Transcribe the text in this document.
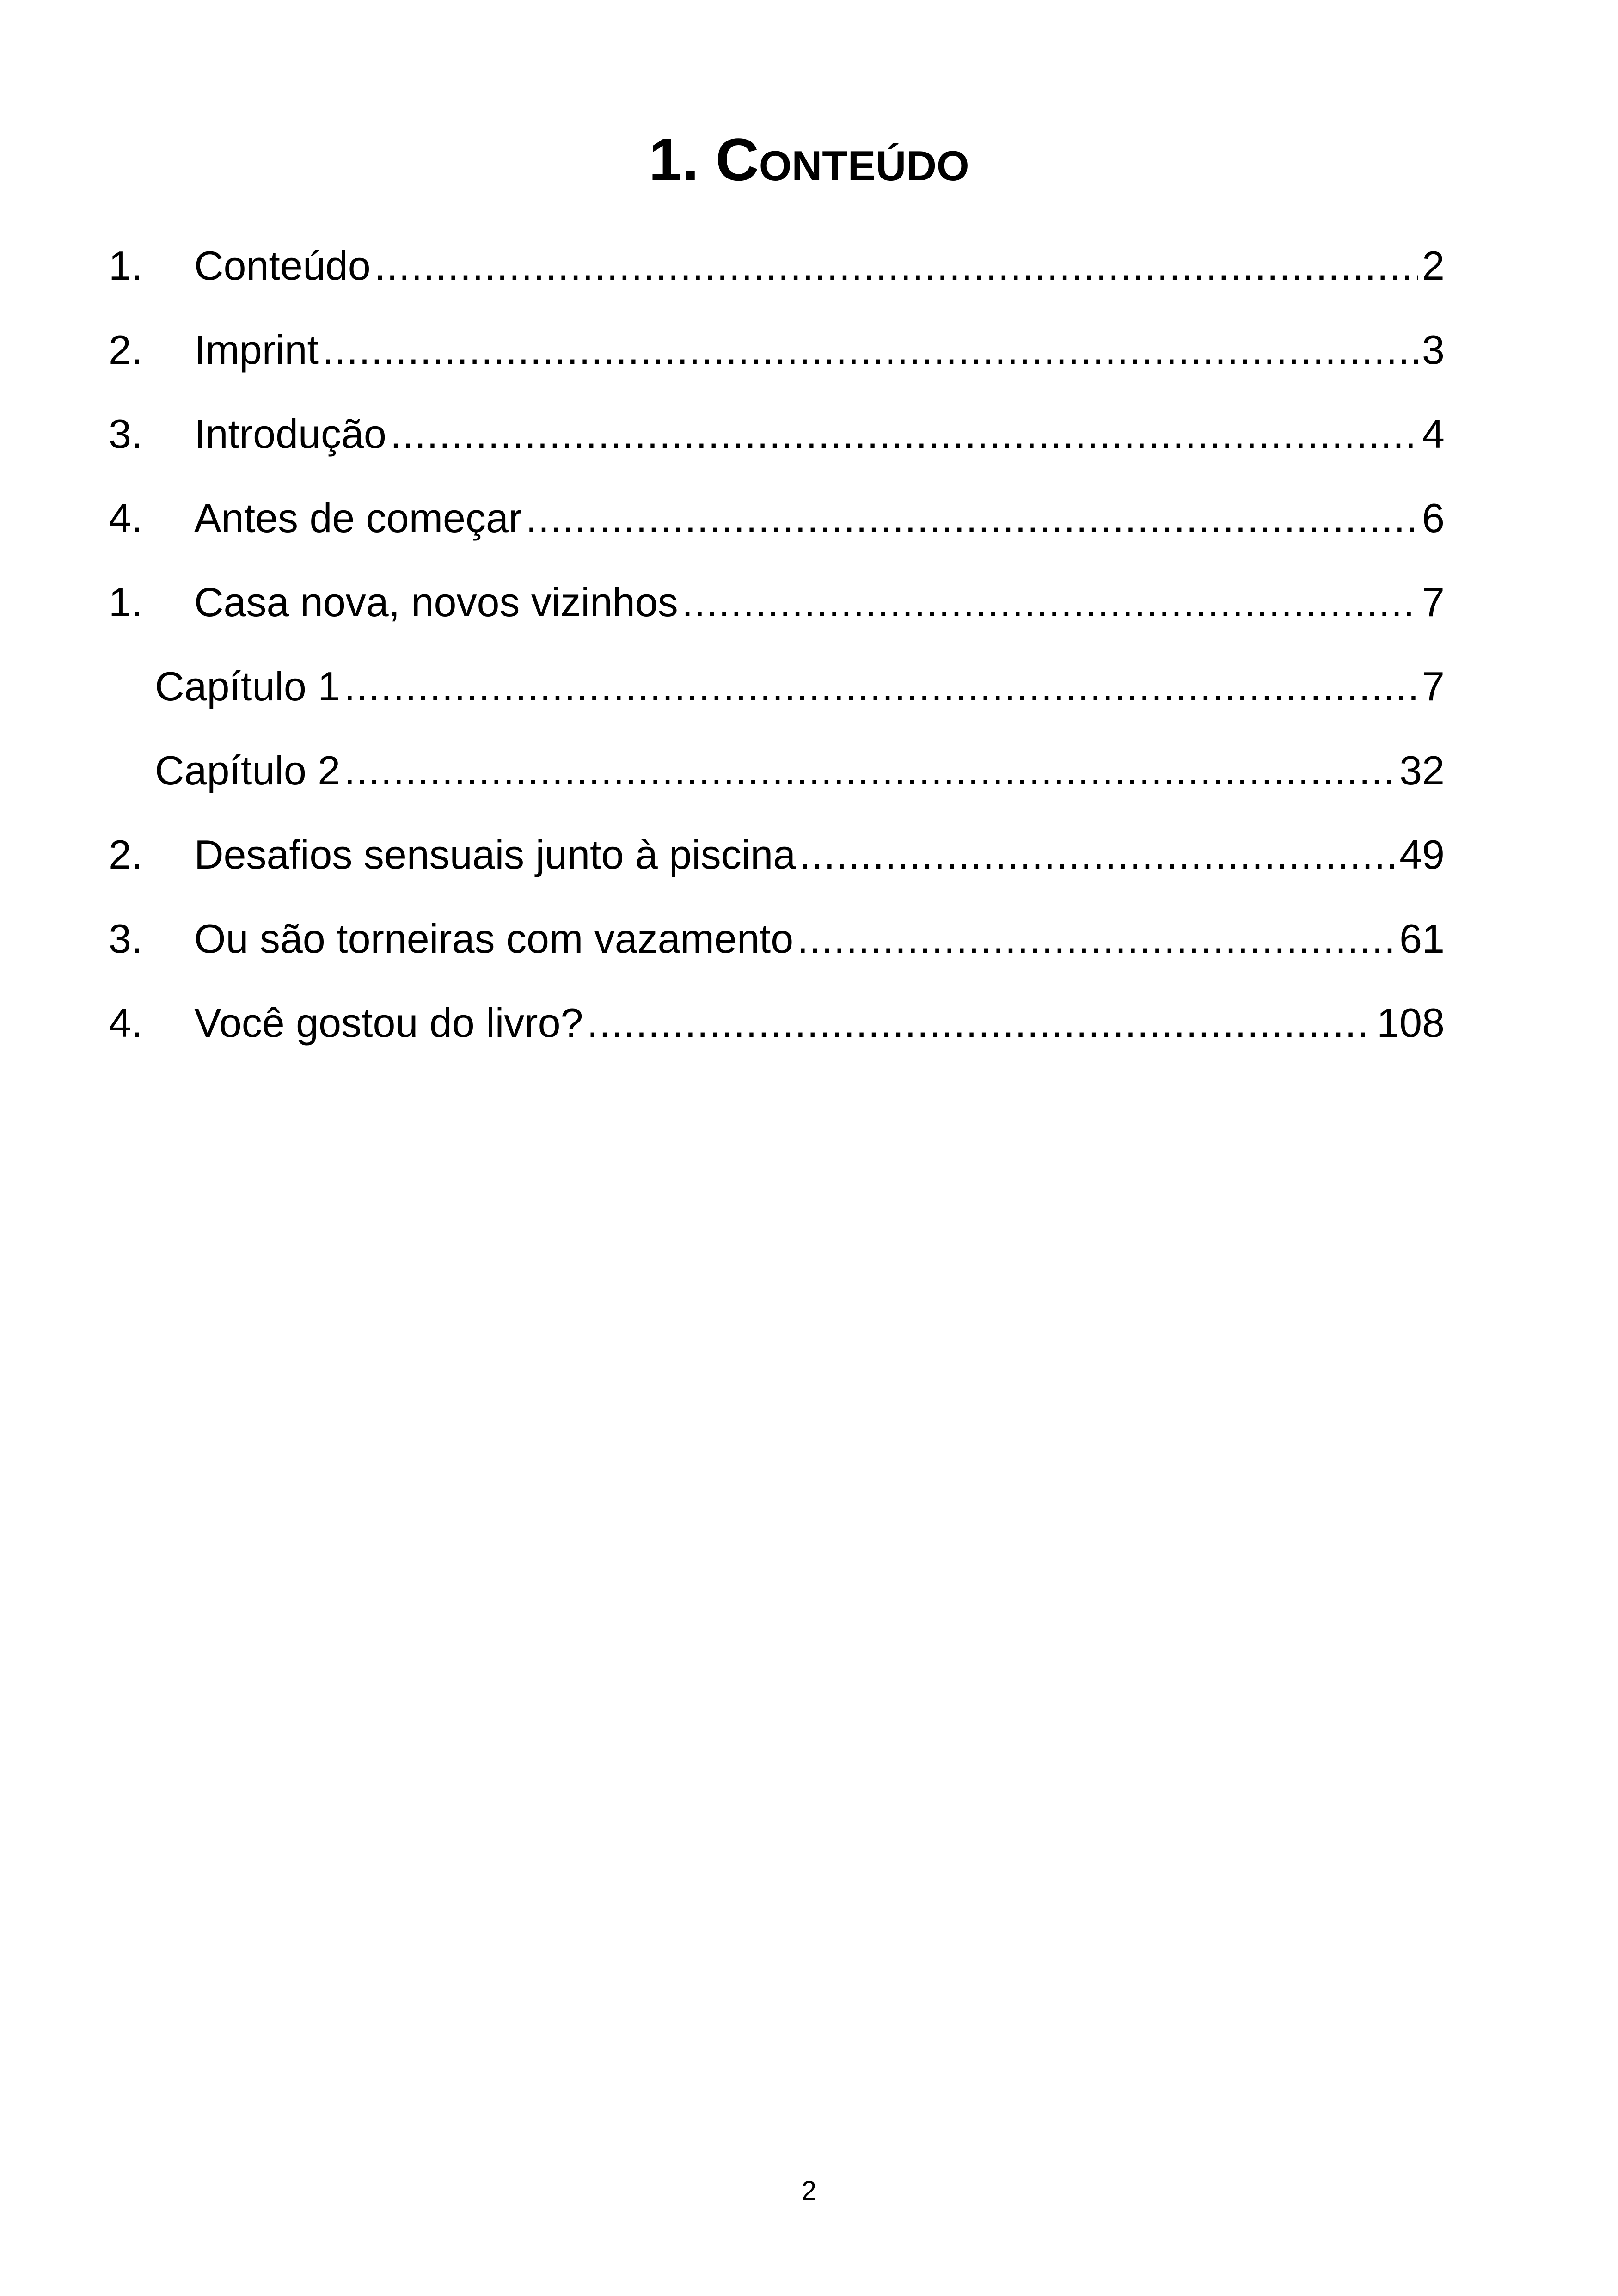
1. Conteúdo
1.	Conteúdo .....	2
2.	Imprint .....	3
3.	Introdução .....	4
4.	Antes de começar .....	6
1.	Casa nova, novos vizinhos .....	7
Capítulo 1 .....	7
Capítulo 2 .....	32
2.	Desafios sensuais junto à piscina .....	49
3.	Ou são torneiras com vazamento .....	61
4.	Você gostou do livro? .....	108
2
